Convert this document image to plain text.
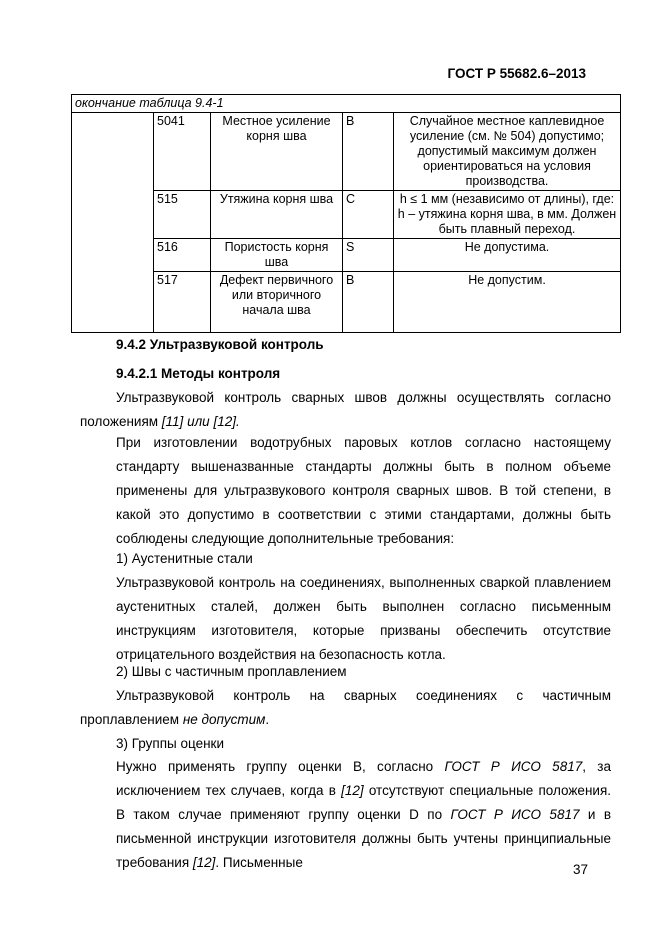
ГОСТ Р 55682.6–2013
окончание таблица 9.4-1				
	5041	Местное усиление корня шва	B	Случайное местное каплевидное усиление (см. № 504) допустимо; допустимый максимум должен ориентироваться на условия производства.
	515	Утяжина корня шва	C	h ≤ 1 мм (независимо от длины), где: h – утяжина корня шва, в мм. Должен быть плавный переход.
	516	Пористость корня шва	S	Не допустима.
	517	Дефект первичного или вторичного начала шва	B	Не допустим.
9.4.2 Ультразвуковой контроль
9.4.2.1 Методы контроля
Ультразвуковой контроль сварных швов должны осуществлять согласно
положениям [11] или [12].
При изготовлении водотрубных паровых котлов согласно настоящему стандарту вышеназванные стандарты должны быть в полном объеме применены для ультразвукового контроля сварных швов. В той степени, в какой это допустимо в соответствии с этими стандартами, должны быть соблюдены следующие дополнительные требования:
1) Аустенитные стали
Ультразвуковой контроль на соединениях, выполненных сваркой плавлением аустенитных сталей, должен быть выполнен согласно письменным инструкциям изготовителя, которые призваны обеспечить отсутствие отрицательного воздействия на безопасность котла.
2) Швы с частичным проплавлением
Ультразвуковой контроль на сварных соединениях с частичным
проплавлением не допустим.
3) Группы оценки
Нужно применять группу оценки B, согласно ГОСТ Р ИСО 5817, за исключением тех случаев, когда в [12] отсутствуют специальные положения. В таком случае применяют группу оценки D по ГОСТ Р ИСО 5817 и в письменной инструкции изготовителя должны быть учтены принципиальные требования [12]. Письменные	37
